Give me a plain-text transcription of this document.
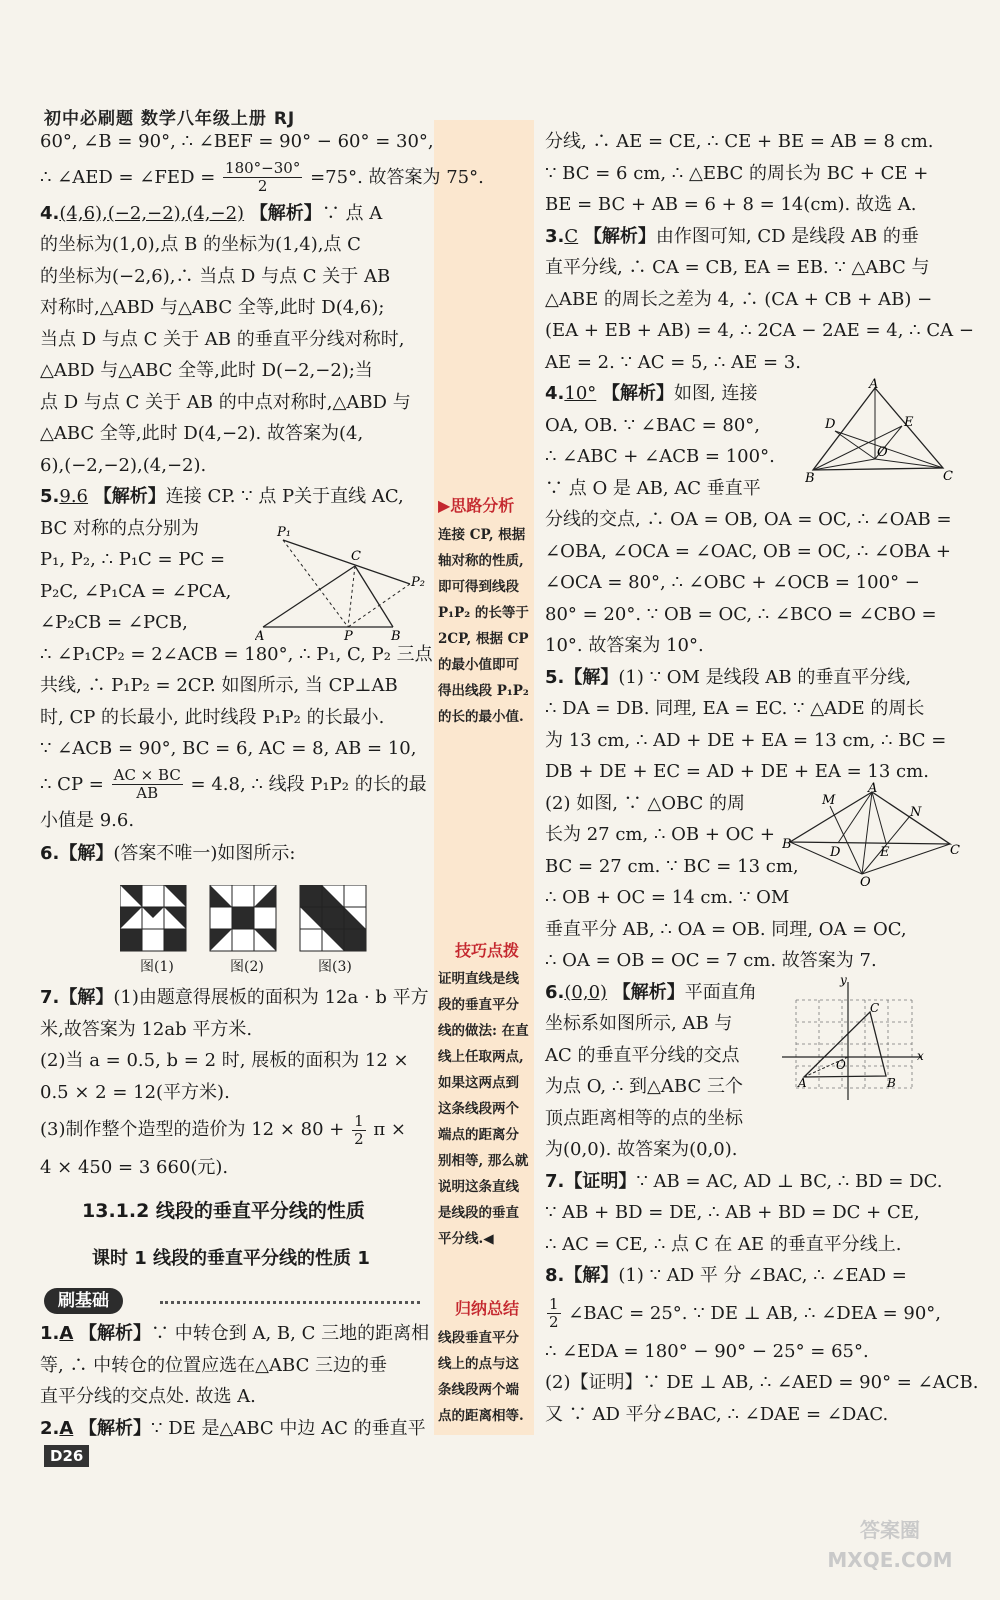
初中必刷题 数学八年级上册 RJ
▶思路分析
连接 CP, 根据轴对称的性质, 即可得到线段 P₁P₂ 的长等于 2CP, 根据 CP 的最小值即可得出线段 P₁P₂ 的长的最小值.
技巧点拨
证明直线是线段的垂直平分线的做法: 在直线上任取两点, 如果这两点到这条线段两个端点的距离分别相等, 那么就说明这条直线是线段的垂直平分线.◀
归纳总结
线段垂直平分线上的点与这条线段两个端点的距离相等.

60°, ∠B = 90°, ∴ ∠BEF = 90° − 60° = 30°,

∴ ∠AED = ∠FED = $\frac{180^\circ-30^\circ}{2} =75^\circ$. 故答案为 75°.

4.(4,6),(−2,−2),(4,−2) 【解析】∵ 点 A

的坐标为(1,0),点 B 的坐标为(1,4),点 C

的坐标为(−2,6),∴ 当点 D 与点 C 关于 AB

对称时,△ABD 与△ABC 全等,此时 D(4,6);

当点 D 与点 C 关于 AB 的垂直平分线对称时,

△ABD 与△ABC 全等,此时 D(−2,−2);当

点 D 与点 C 关于 AB 的中点对称时,△ABD 与

△ABC 全等,此时 D(4,−2). 故答案为(4,

6),(−2,−2),(4,−2).

5.9.6 【解析】连接 CP. ∵ 点 P关于直线 AC,

BC 对称的点分别为

P₁, P₂, ∴ P₁C = PC =

P₂C, ∠P₁CA = ∠PCA,

∠P₂CB = ∠PCB,

∴ ∠P₁CP₂ = 2∠ACB = 180°, ∴ P₁, C, P₂ 三点

共线, ∴ P₁P₂ = 2CP. 如图所示, 当 CP⊥AB

时, CP 的长最小, 此时线段 P₁P₂ 的长最小.

∵ ∠ACB = 90°, BC = 6, AC = 8, AB = 10,

∴ CP = $\frac{AC \times BC}{AB} = 4.8$, ∴ 线段 P₁P₂ 的长的最

小值是 9.6.

6.【解】(答案不唯一)如图所示:

P₁
C
P₂
A	P	B
图(1)	图(2)	图(3)

7.【解】(1)由题意得展板的面积为 12a · b 平方

米,故答案为 12ab 平方米.

(2)当 a = 0.5, b = 2 时, 展板的面积为 12 ×

0.5 × 2 = 12(平方米).

(3)制作整个造型的造价为 $12 \times 80 + \frac{1}{2}$ π ×

4 × 450 = 3 660(元).

13.1.2 线段的垂直平分线的性质
课时 1 线段的垂直平分线的性质 1
刷基础

1.A 【解析】∵ 中转仓到 A, B, C 三地的距离相

等, ∴ 中转仓的位置应选在△ABC 三边的垂

直平分线的交点处. 故选 A.

2.A 【解析】∵ DE 是△ABC 中边 AC 的垂直平

D26

分线, ∴ AE = CE, ∴ CE + BE = AB = 8 cm.

∵ BC = 6 cm, ∴ △EBC 的周长为 BC + CE +

BE = BC + AB = 6 + 8 = 14(cm). 故选 A.

3.C 【解析】由作图可知, CD 是线段 AB 的垂

直平分线, ∴ CA = CB, EA = EB. ∵ △ABC 与

△ABE 的周长之差为 4, ∴ (CA + CB + AB) −

(EA + EB + AB) = 4, ∴ 2CA − 2AE = 4, ∴ CA −

AE = 2. ∵ AC = 5, ∴ AE = 3.

4.10° 【解析】如图, 连接

OA, OB. ∵ ∠BAC = 80°,

∴ ∠ABC + ∠ACB = 100°.

∵ 点 O 是 AB, AC 垂直平

分线的交点, ∴ OA = OB, OA = OC, ∴ ∠OAB =

∠OBA, ∠OCA = ∠OAC, OB = OC, ∴ ∠OBA +

∠OCA = 80°, ∴ ∠OBC + ∠OCB = 100° −

80° = 20°. ∵ OB = OC, ∴ ∠BCO = ∠CBO =

10°. 故答案为 10°.

5.【解】(1) ∵ OM 是线段 AB 的垂直平分线,

∴ DA = DB. 同理, EA = EC. ∵ △ADE 的周长

为 13 cm, ∴ AD + DE + EA = 13 cm, ∴ BC =

DB + DE + EC = AD + DE + EA = 13 cm.

(2) 如图, ∵ △OBC 的周

长为 27 cm, ∴ OB + OC +

BC = 27 cm. ∵ BC = 13 cm,

∴ OB + OC = 14 cm. ∵ OM

垂直平分 AB, ∴ OA = OB. 同理, OA = OC,

∴ OA = OB = OC = 7 cm. 故答案为 7.

6.(0,0) 【解析】平面直角

坐标系如图所示, AB 与

AC 的垂直平分线的交点

为点 O, ∴ 到△ABC 三个

顶点距离相等的点的坐标

为(0,0). 故答案为(0,0).

7.【证明】∵ AB = AC, AD ⊥ BC, ∴ BD = DC.

∵ AB + BD = DE, ∴ AB + BD = DC + CE,

∴ AC = CE, ∴ 点 C 在 AE 的垂直平分线上.

8.【解】(1) ∵ AD 平 分 ∠BAC, ∴ ∠EAD =

$\frac{1}{2}$ ∠BAC = 25°. ∵ DE ⊥ AB, ∴ ∠DEA = 90°,

∴ ∠EDA = 180° − 90° − 25° = 65°.

(2)【证明】∵ DE ⊥ AB, ∴ ∠AED = 90° = ∠ACB.

又 ∵ AD 平分∠BAC, ∴ ∠DAE = ∠DAC.

A
B	C
D	E
O
A
B	C
D	E
M
N
O
x
y
C
O
A	B
答案圈 MXQE.COM
